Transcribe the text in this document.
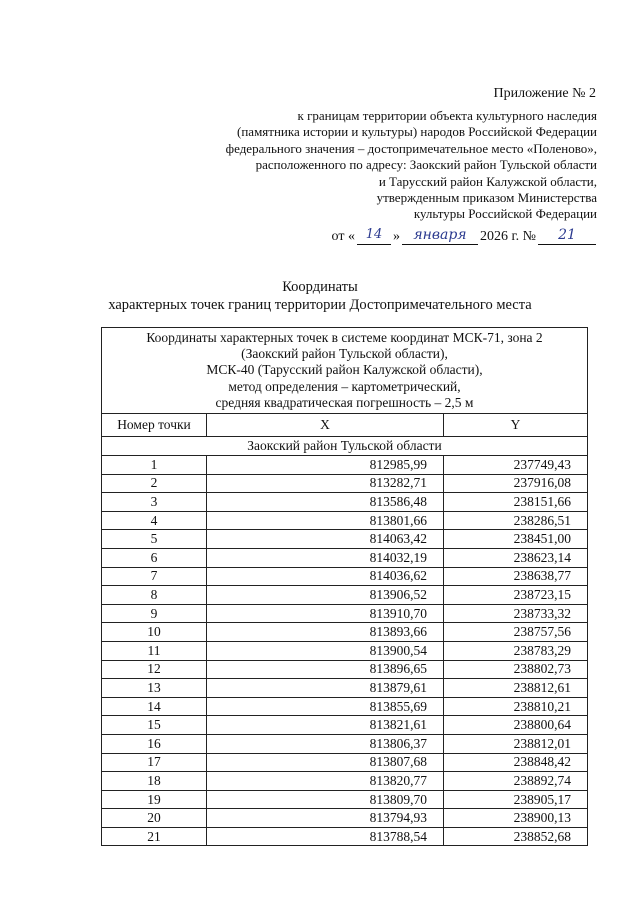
Приложение № 2
к границам территории объекта культурного наследия
(памятника истории и культуры) народов Российской Федерации
федерального значения – достопримечательное место «Поленово»,
расположенного по адресу: Заокский район Тульской области
и Тарусский район Калужской области,
утвержденным приказом Министерства
культуры Российской Федерации
от « 14 » января 2026 г. №	21
Координаты
характерных точек границ территории Достопримечательного места
Координаты характерных точек в системе координат МСК-71, зона 2
(Заокский район Тульской области),
МСК-40 (Тарусский район Калужской области),
метод определения – картометрический,
средняя квадратическая погрешность – 2,5 м		

Номер точки	X	Y
Заокский район Тульской области		
1	812985,99	237749,43
2	813282,71	237916,08
3	813586,48	238151,66
4	813801,66	238286,51
5	814063,42	238451,00
6	814032,19	238623,14
7	814036,62	238638,77
8	813906,52	238723,15
9	813910,70	238733,32
10	813893,66	238757,56
11	813900,54	238783,29
12	813896,65	238802,73
13	813879,61	238812,61
14	813855,69	238810,21
15	813821,61	238800,64
16	813806,37	238812,01
17	813807,68	238848,42
18	813820,77	238892,74
19	813809,70	238905,17
20	813794,93	238900,13
21	813788,54	238852,68
